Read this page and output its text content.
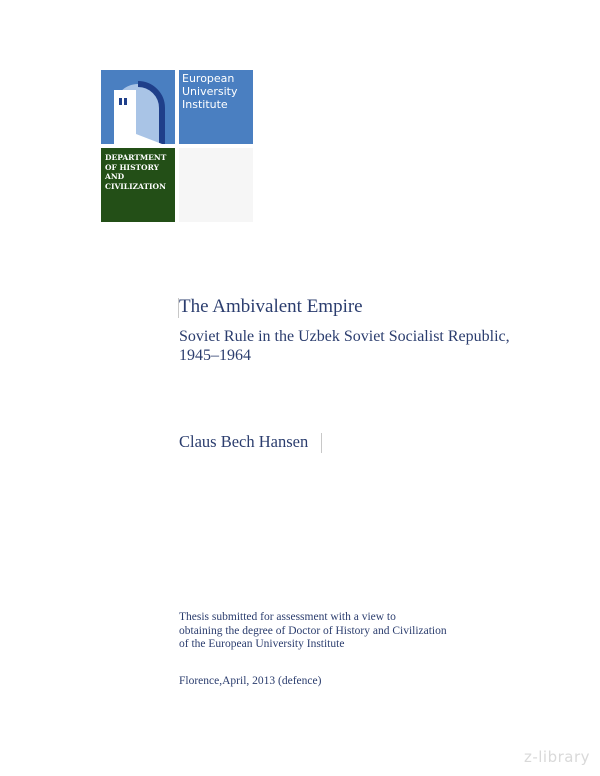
European
University
Institute
DEPARTMENT
OF HISTORY
AND
CIVILIZATION
The Ambivalent Empire

Soviet Rule in the Uzbek Soviet Socialist Republic,
1945–1964

Claus Bech Hansen

Thesis submitted for assessment with a view to
obtaining the degree of Doctor of History and Civilization
of the European University Institute

Florence,April, 2013 (defence)

z-library
